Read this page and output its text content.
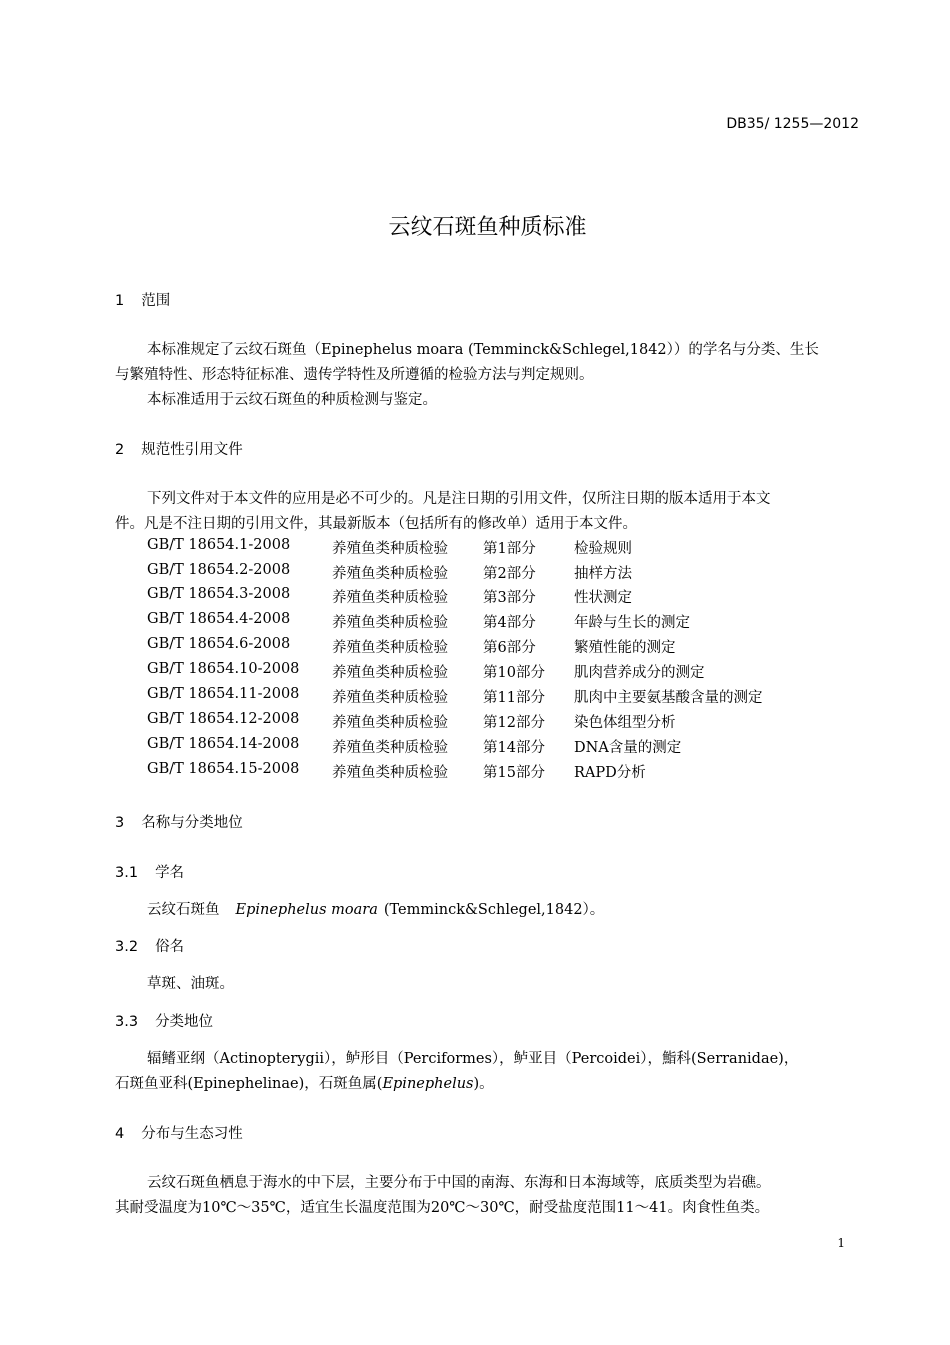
DB35/ 1255—2012
云纹石斑鱼种质标准
1 范围
本标准规定了云纹石斑鱼（Epinephelus moara (Temminck&Schlegel,1842））的学名与分类、生长
与繁殖特性、形态特征标准、遗传学特性及所遵循的检验方法与判定规则。
本标准适用于云纹石斑鱼的种质检测与鉴定。
2 规范性引用文件
下列文件对于本文件的应用是必不可少的。凡是注日期的引用文件，仅所注日期的版本适用于本文
件。凡是不注日期的引用文件，其最新版本（包括所有的修改单）适用于本文件。
GB/T 18654.1-2008	养殖鱼类种质检验 第1部分	检验规则
GB/T 18654.2-2008	养殖鱼类种质检验 第2部分	抽样方法
GB/T 18654.3-2008	养殖鱼类种质检验 第3部分	性状测定
GB/T 18654.4-2008	养殖鱼类种质检验 第4部分	年龄与生长的测定
GB/T 18654.6-2008	养殖鱼类种质检验 第6部分	繁殖性能的测定
GB/T 18654.10-2008 养殖鱼类种质检验 第10部分 肌肉营养成分的测定
GB/T 18654.11-2008 养殖鱼类种质检验 第11部分 肌肉中主要氨基酸含量的测定
GB/T 18654.12-2008 养殖鱼类种质检验 第12部分 染色体组型分析
GB/T 18654.14-2008 养殖鱼类种质检验 第14部分 DNA含量的测定
GB/T 18654.15-2008 养殖鱼类种质检验 第15部分 RAPD分析
3 名称与分类地位
3.1 学名
云纹石斑鱼 Epinephelus moara (Temminck&Schlegel,1842）。
3.2 俗名
草斑、油斑。
3.3 分类地位
辐鳍亚纲（Actinopterygii），鲈形目（Perciformes），鲈亚目（Percoidei），鮨科(Serranidae)，
石斑鱼亚科(Epinephelinae)，石斑鱼属(Epinephelus)。
4 分布与生态习性
云纹石斑鱼栖息于海水的中下层，主要分布于中国的南海、东海和日本海域等，底质类型为岩礁。
其耐受温度为10℃～35℃，适宜生长温度范围为20℃～30℃，耐受盐度范围11～41。肉食性鱼类。
1
